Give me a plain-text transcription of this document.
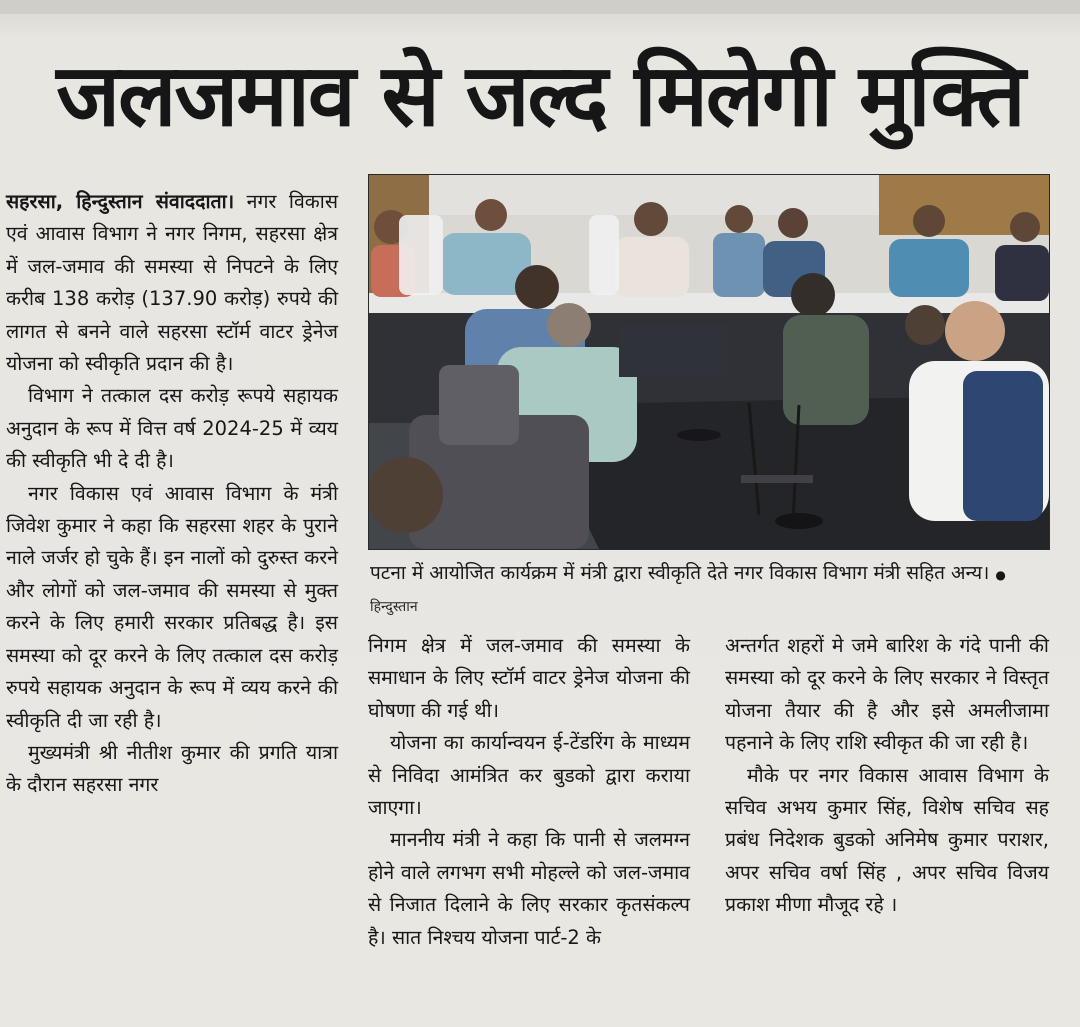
जलजमाव से जल्द मिलेगी मुक्ति

सहरसा, हिन्दुस्तान संवाददाता। नगर विकास एवं आवास विभाग ने नगर निगम, सहरसा क्षेत्र में जल-जमाव की समस्या से निपटने के लिए करीब 138 करोड़ (137.90 करोड़) रुपये की लागत से बनने वाले सहरसा स्टॉर्म वाटर ड्रेनेज योजना को स्वीकृति प्रदान की है।

विभाग ने तत्काल दस करोड़ रूपये सहायक अनुदान के रूप में वित्त वर्ष 2024-25 में व्यय की स्वीकृति भी दे दी है।

नगर विकास एवं आवास विभाग के मंत्री जिवेश कुमार ने कहा कि सहरसा शहर के पुराने नाले जर्जर हो चुके हैं। इन नालों को दुरुस्त करने और लोगों को जल-जमाव की समस्या से मुक्त करने के लिए हमारी सरकार प्रतिबद्ध है। इस समस्या को दूर करने के लिए तत्काल दस करोड़ रुपये सहायक अनुदान के रूप में व्यय करने की स्वीकृति दी जा रही है।

मुख्यमंत्री श्री नीतीश कुमार की प्रगति यात्रा के दौरान सहरसा नगर

पटना में आयोजित कार्यक्रम में मंत्री द्वारा स्वीकृति देते नगर विकास विभाग मंत्री सहित अन्य। ● हिन्दुस्तान

निगम क्षेत्र में जल-जमाव की समस्या के समाधान के लिए स्टॉर्म वाटर ड्रेनेज योजना की घोषणा की गई थी।

योजना का कार्यान्वयन ई-टेंडरिंग के माध्यम से निविदा आमंत्रित कर बुडको द्वारा कराया जाएगा।

माननीय मंत्री ने कहा कि पानी से जलमग्न होने वाले लगभग सभी मोहल्ले को जल-जमाव से निजात दिलाने के लिए सरकार कृतसंकल्प है। सात निश्चय योजना पार्ट-2 के

अन्तर्गत शहरों मे जमे बारिश के गंदे पानी की समस्या को दूर करने के लिए सरकार ने विस्तृत योजना तैयार की है और इसे अमलीजामा पहनाने के लिए राशि स्वीकृत की जा रही है।

मौके पर नगर विकास आवास विभाग के सचिव अभय कुमार सिंह, विशेष सचिव सह प्रबंध निदेशक बुडको अनिमेष कुमार पराशर, अपर सचिव वर्षा सिंह , अपर सचिव विजय प्रकाश मीणा मौजूद रहे ।
